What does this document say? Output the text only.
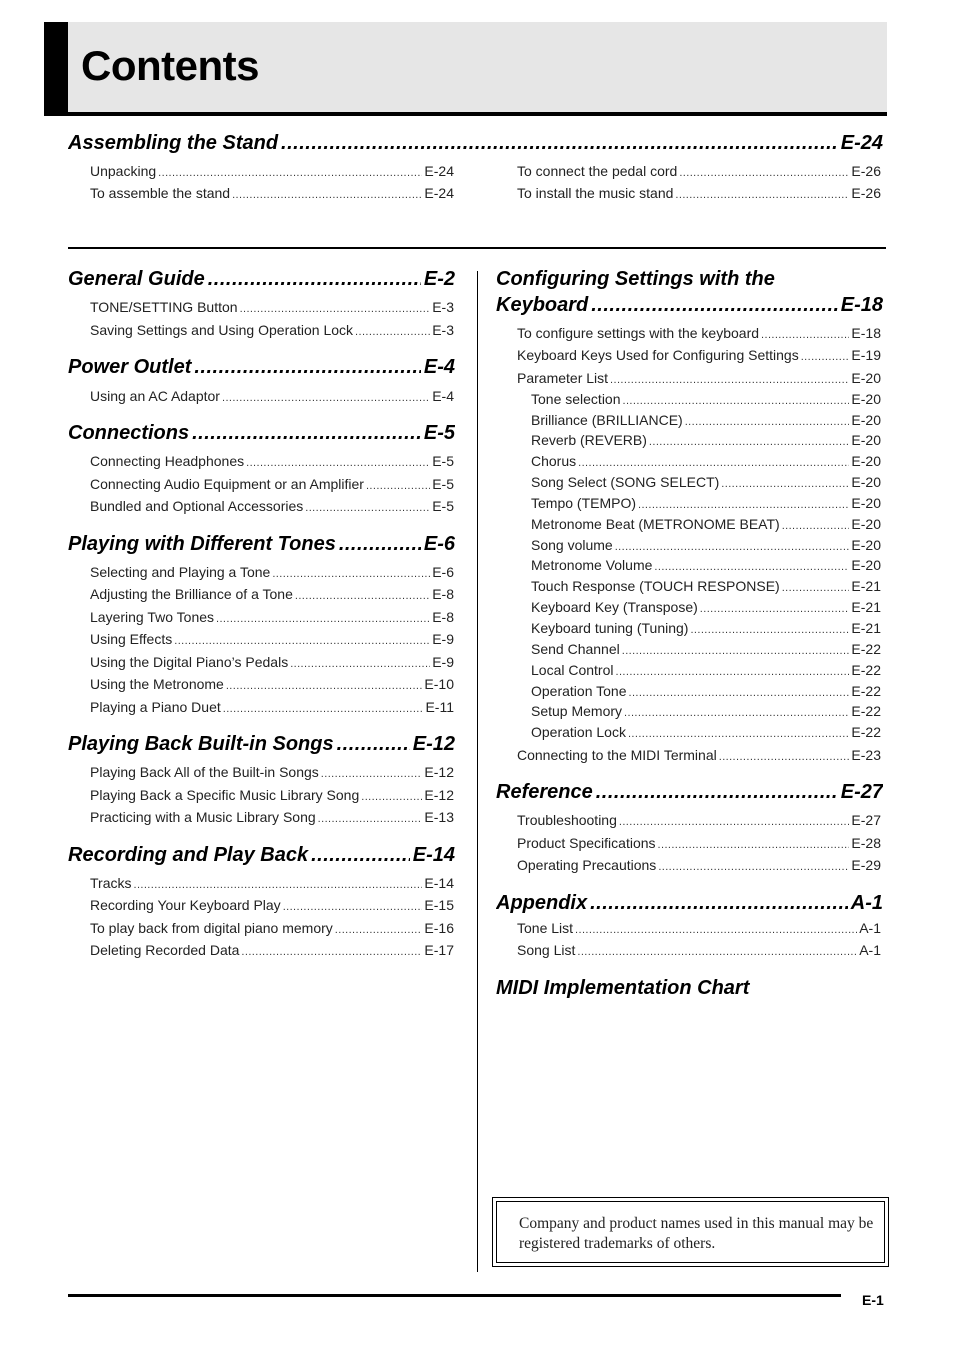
Contents
Assembling the Stand .....	E-24
Unpacking .....	E-24
To assemble the stand .....	E-24
To connect the pedal cord .....	E-26
To install the music stand .....	E-26
General Guide .....	E-2
TONE/SETTING Button .....	E-3
Saving Settings and Using Operation Lock .....	E-3
Power Outlet .....	E-4
Using an AC Adaptor .....	E-4
Connections .....	E-5
Connecting Headphones .....	E-5
Connecting Audio Equipment or an Amplifier .....	E-5
Bundled and Optional Accessories .....	E-5
Playing with Different Tones .....	E-6
Selecting and Playing a Tone .....	E-6
Adjusting the Brilliance of a Tone .....	E-8
Layering Two Tones .....	E-8
Using Effects .....	E-9
Using the Digital Piano’s Pedals .....	E-9
Using the Metronome .....	E-10
Playing a Piano Duet .....	E-11
Playing Back Built-in Songs .....	E-12
Playing Back All of the Built-in Songs .....	E-12
Playing Back a Specific Music Library Song .....	E-12
Practicing with a Music Library Song .....	E-13
Recording and Play Back .....	E-14
Tracks .....	E-14
Recording Your Keyboard Play .....	E-15
To play back from digital piano memory .....	E-16
Deleting Recorded Data .....	E-17
Configuring Settings with the
Keyboard .....	E-18
To configure settings with the keyboard .....	E-18
Keyboard Keys Used for Configuring Settings .....	E-19
Parameter List .....	E-20
Tone selection .....	E-20
Brilliance (BRILLIANCE) .....	E-20
Reverb (REVERB) .....	E-20
Chorus .....	E-20
Song Select (SONG SELECT) .....	E-20
Tempo (TEMPO) .....	E-20
Metronome Beat (METRONOME BEAT) .....	E-20
Song volume .....	E-20
Metronome Volume .....	E-20
Touch Response (TOUCH RESPONSE) .....	E-21
Keyboard Key (Transpose) .....	E-21
Keyboard tuning (Tuning) .....	E-21
Send Channel .....	E-22
Local Control .....	E-22
Operation Tone .....	E-22
Setup Memory .....	E-22
Operation Lock .....	E-22
Connecting to the MIDI Terminal .....	E-23
Reference .....	E-27
Troubleshooting .....	E-27
Product Specifications .....	E-28
Operating Precautions .....	E-29
Appendix .....	A-1
Tone List .....	A-1
Song List .....	A-1
MIDI Implementation Chart
Company and product names used in this manual may be registered trademarks of others.
E-1
